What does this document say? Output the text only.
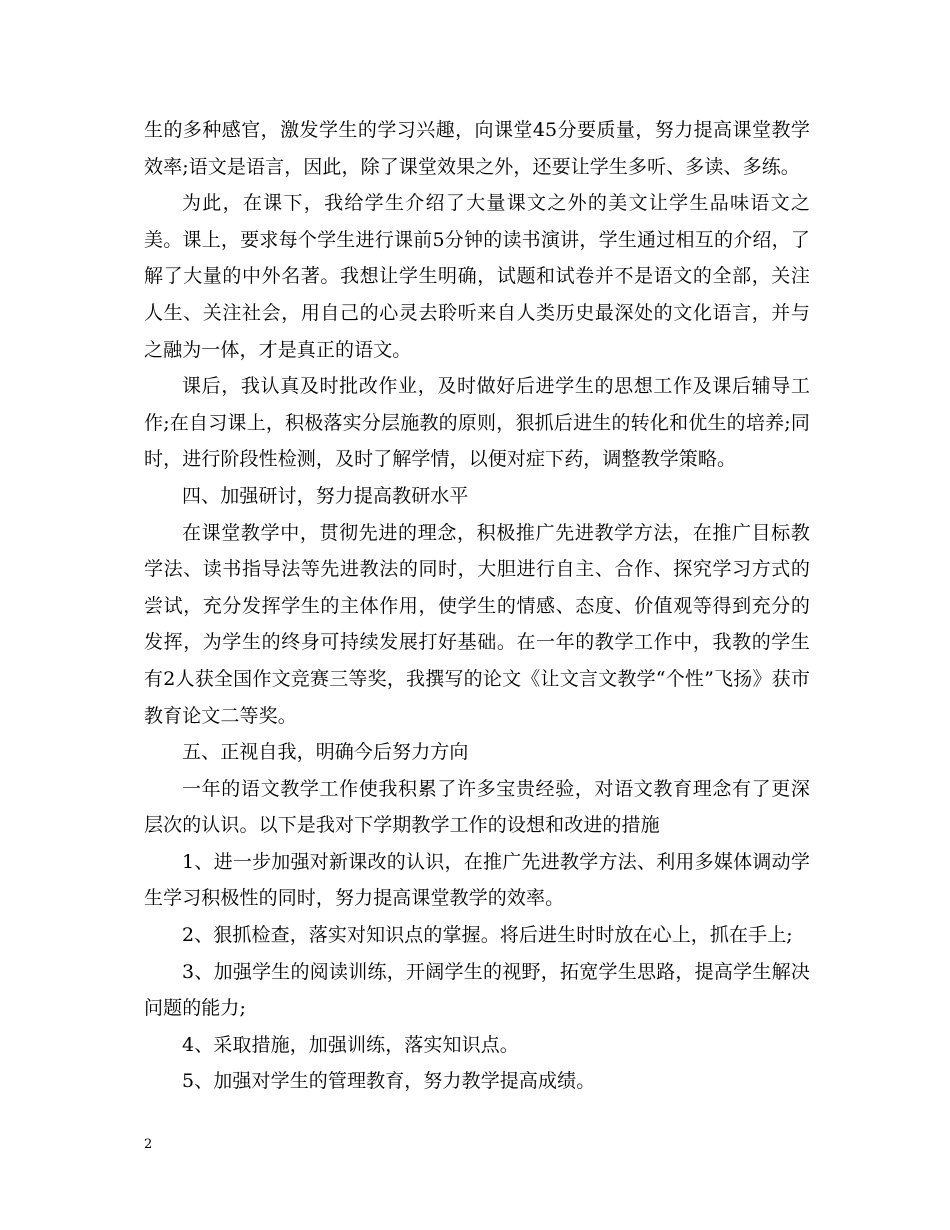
生的多种感官，激发学生的学习兴趣，向课堂45分要质量，努力提高课堂教学效率;语文是语言，因此，除了课堂效果之外，还要让学生多听、多读、多练。

为此，在课下，我给学生介绍了大量课文之外的美文让学生品味语文之美。课上，要求每个学生进行课前5分钟的读书演讲，学生通过相互的介绍，了解了大量的中外名著。我想让学生明确，试题和试卷并不是语文的全部，关注人生、关注社会，用自己的心灵去聆听来自人类历史最深处的文化语言，并与之融为一体，才是真正的语文。

课后，我认真及时批改作业，及时做好后进学生的思想工作及课后辅导工作;在自习课上，积极落实分层施教的原则，狠抓后进生的转化和优生的培养;同时，进行阶段性检测，及时了解学情，以便对症下药，调整教学策略。

四、加强研讨，努力提高教研水平

在课堂教学中，贯彻先进的理念，积极推广先进教学方法，在推广目标教学法、读书指导法等先进教法的同时，大胆进行自主、合作、探究学习方式的尝试，充分发挥学生的主体作用，使学生的情感、态度、价值观等得到充分的发挥，为学生的终身可持续发展打好基础。在一年的教学工作中，我教的学生有2人获全国作文竞赛三等奖，我撰写的论文《让文言文教学“个性”飞扬》获市教育论文二等奖。

五、正视自我，明确今后努力方向

一年的语文教学工作使我积累了许多宝贵经验，对语文教育理念有了更深层次的认识。以下是我对下学期教学工作的设想和改进的措施

1、进一步加强对新课改的认识，在推广先进教学方法、利用多媒体调动学生学习积极性的同时，努力提高课堂教学的效率。

2、狠抓检查，落实对知识点的掌握。将后进生时时放在心上，抓在手上;

3、加强学生的阅读训练，开阔学生的视野，拓宽学生思路，提高学生解决问题的能力;

4、采取措施，加强训练，落实知识点。

5、加强对学生的管理教育，努力教学提高成绩。

2
